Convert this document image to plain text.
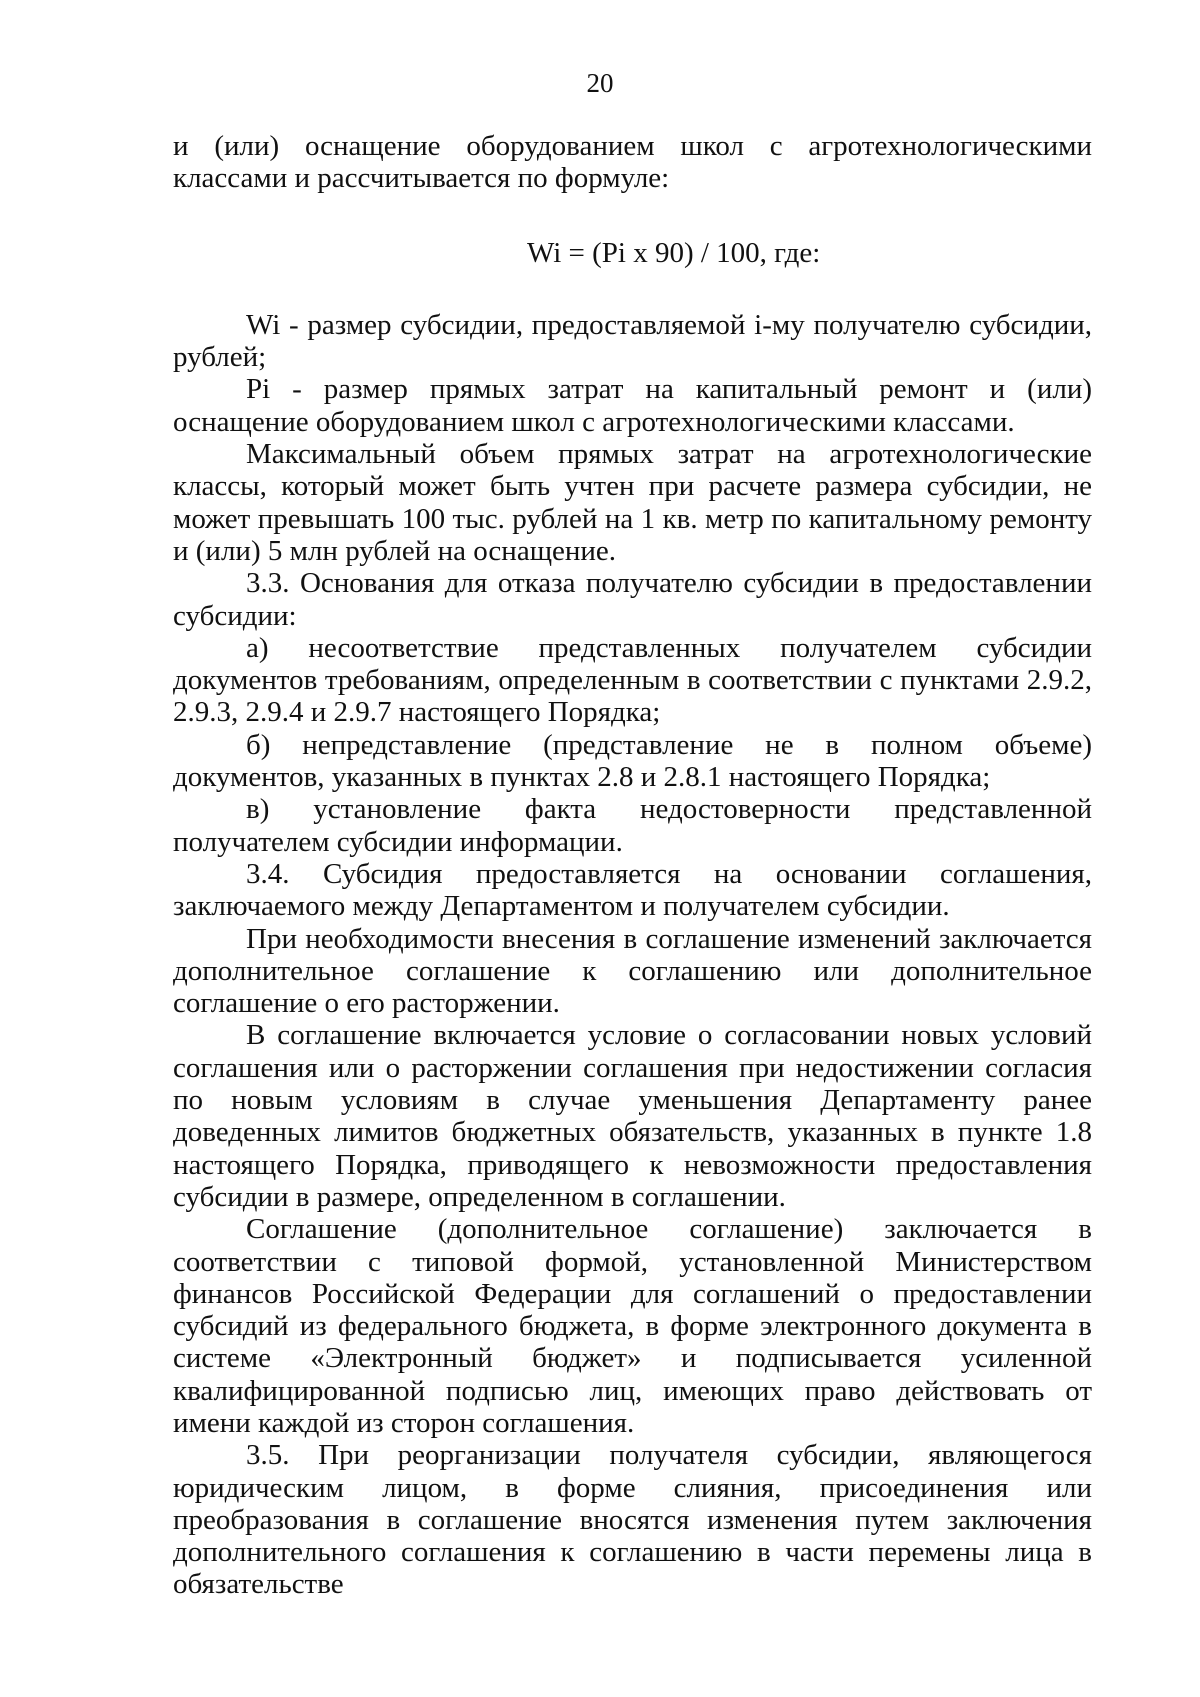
20

и (или) оснащение оборудованием школ с агротехнологическими классами и рассчитывается по формуле:

Wi = (Pi x 90) / 100, где:

Wi - размер субсидии, предоставляемой i-му получателю субсидии, рублей;

Pi - размер прямых затрат на капитальный ремонт и (или) оснащение оборудованием школ с агротехнологическими классами.

Максимальный объем прямых затрат на агротехнологические классы, который может быть учтен при расчете размера субсидии, не может превышать 100 тыс. рублей на 1 кв. метр по капитальному ремонту и (или) 5 млн рублей на оснащение.

3.3. Основания для отказа получателю субсидии в предоставлении субсидии:

а) несоответствие представленных получателем субсидии документов требованиям, определенным в соответствии с пунктами 2.9.2, 2.9.3, 2.9.4 и 2.9.7 настоящего Порядка;

б) непредставление (представление не в полном объеме) документов, указанных в пунктах 2.8 и 2.8.1 настоящего Порядка;

в) установление факта недостоверности представленной получателем субсидии информации.

3.4. Субсидия предоставляется на основании соглашения, заключаемого между Департаментом и получателем субсидии.

При необходимости внесения в соглашение изменений заключается дополнительное соглашение к соглашению или дополнительное соглашение о его расторжении.

В соглашение включается условие о согласовании новых условий соглашения или о расторжении соглашения при недостижении согласия по новым условиям в случае уменьшения Департаменту ранее доведенных лимитов бюджетных обязательств, указанных в пункте 1.8 настоящего Порядка, приводящего к невозможности предоставления субсидии в размере, определенном в соглашении.

Соглашение (дополнительное соглашение) заключается в соответствии с типовой формой, установленной Министерством финансов Российской Федерации для соглашений о предоставлении субсидий из федерального бюджета, в форме электронного документа в системе «Электронный бюджет» и подписывается усиленной квалифицированной подписью лиц, имеющих право действовать от имени каждой из сторон соглашения.

3.5. При реорганизации получателя субсидии, являющегося юридическим лицом, в форме слияния, присоединения или преобразования в соглашение вносятся изменения путем заключения дополнительного соглашения к соглашению в части перемены лица в обязательстве
